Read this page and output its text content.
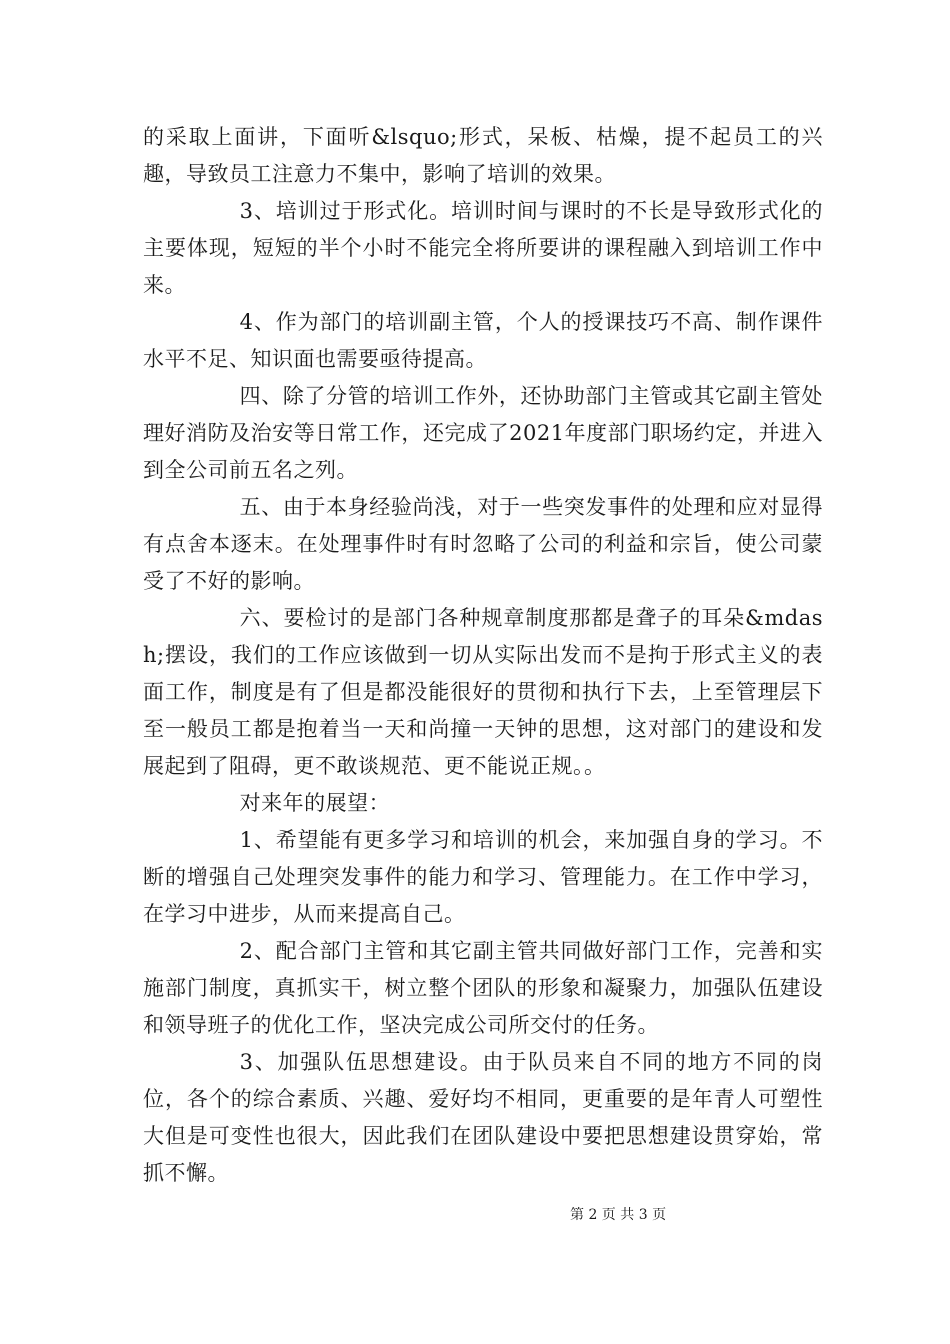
的采取上面讲，下面听&lsquo;形式，呆板、枯燥，提不起员工的兴趣，导致员工注意力不集中，影响了培训的效果。

3、培训过于形式化。培训时间与课时的不长是导致形式化的主要体现，短短的半个小时不能完全将所要讲的课程融入到培训工作中来。

4、作为部门的培训副主管，个人的授课技巧不高、制作课件水平不足、知识面也需要亟待提高。

四、除了分管的培训工作外，还协助部门主管或其它副主管处理好消防及治安等日常工作，还完成了2021年度部门职场约定，并进入到全公司前五名之列。

五、由于本身经验尚浅，对于一些突发事件的处理和应对显得有点舍本逐末。在处理事件时有时忽略了公司的利益和宗旨，使公司蒙受了不好的影响。

六、要检讨的是部门各种规章制度那都是聋子的耳朵&mdash;摆设，我们的工作应该做到一切从实际出发而不是拘于形式主义的表面工作，制度是有了但是都没能很好的贯彻和执行下去，上至管理层下至一般员工都是抱着当一天和尚撞一天钟的思想，这对部门的建设和发展起到了阻碍，更不敢谈规范、更不能说正规。。

对来年的展望：

1、希望能有更多学习和培训的机会，来加强自身的学习。不断的增强自己处理突发事件的能力和学习、管理能力。在工作中学习，在学习中进步，从而来提高自己。

2、配合部门主管和其它副主管共同做好部门工作，完善和实施部门制度，真抓实干，树立整个团队的形象和凝聚力，加强队伍建设和领导班子的优化工作，坚决完成公司所交付的任务。

3、加强队伍思想建设。由于队员来自不同的地方不同的岗位，各个的综合素质、兴趣、爱好均不相同，更重要的是年青人可塑性大但是可变性也很大，因此我们在团队建设中要把思想建设贯穿始，常抓不懈。

第 2 页 共 3 页
